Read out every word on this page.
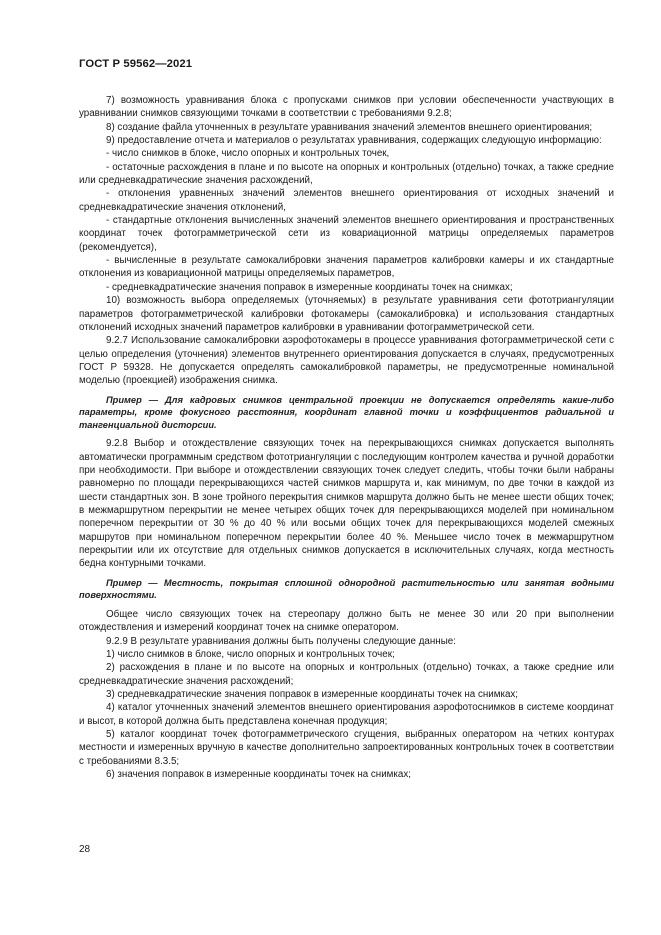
ГОСТ Р 59562—2021

7) возможность уравнивания блока с пропусками снимков при условии обеспеченности участвующих в уравнивании снимков связующими точками в соответствии с требованиями 9.2.8;

8) создание файла уточненных в результате уравнивания значений элементов внешнего ориентирования;

9) предоставление отчета и материалов о результатах уравнивания, содержащих следующую информацию:

- число снимков в блоке, число опорных и контрольных точек,

- остаточные расхождения в плане и по высоте на опорных и контрольных (отдельно) точках, а также средние или средневкадратические значения расхождений,

- отклонения уравненных значений элементов внешнего ориентирования от исходных значений и средневкадратические значения отклонений,

- стандартные отклонения вычисленных значений элементов внешнего ориентирования и пространственных координат точек фотограмметрической сети из ковариационной матрицы определяемых параметров (рекомендуется),

- вычисленные в результате самокалибровки значения параметров калибровки камеры и их стандартные отклонения из ковариационной матрицы определяемых параметров,

- средневкадратические значения поправок в измеренные координаты точек на снимках;

10) возможность выбора определяемых (уточняемых) в результате уравнивания сети фототриангуляции параметров фотограмметрической калибровки фотокамеры (самокалибровка) и использования стандартных отклонений исходных значений параметров калибровки в уравнивании фотограмметрической сети.

9.2.7 Использование самокалибровки аэрофотокамеры в процессе уравнивания фотограмметрической сети с целью определения (уточнения) элементов внутреннего ориентирования допускается в случаях, предусмотренных ГОСТ Р 59328. Не допускается определять самокалибровкой параметры, не предусмотренные номинальной моделью (проекцией) изображения снимка.

Пример — Для кадровых снимков центральной проекции не допускается определять какие-либо параметры, кроме фокусного расстояния, координат главной точки и коэффициентов радиальной и тангенциальной дисторсии.

9.2.8 Выбор и отождествление связующих точек на перекрывающихся снимках допускается выполнять автоматически программным средством фототриангуляции с последующим контролем качества и ручной доработки при необходимости. При выборе и отождествлении связующих точек следует следить, чтобы точки были набраны равномерно по площади перекрывающихся частей снимков маршрута и, как минимум, по две точки в каждой из шести стандартных зон. В зоне тройного перекрытия снимков маршрута должно быть не менее шести общих точек; в межмаршрутном перекрытии не менее четырех общих точек для перекрывающихся моделей при номинальном поперечном перекрытии от 30 % до 40 % или восьми общих точек для перекрывающихся моделей смежных маршрутов при номинальном поперечном перекрытии более 40 %. Меньшее число точек в межмаршрутном перекрытии или их отсутствие для отдельных снимков допускается в исключительных случаях, когда местность бедна контурными точками.

Пример — Местность, покрытая сплошной однородной растительностью или занятая водными поверхностями.

Общее число связующих точек на стереопару должно быть не менее 30 или 20 при выполнении отождествления и измерений координат точек на снимке оператором.

9.2.9 В результате уравнивания должны быть получены следующие данные:

1) число снимков в блоке, число опорных и контрольных точек;

2) расхождения в плане и по высоте на опорных и контрольных (отдельно) точках, а также средние или средневкадратические значения расхождений;

3) средневкадратические значения поправок в измеренные координаты точек на снимках;

4) каталог уточненных значений элементов внешнего ориентирования аэрофотоснимков в системе координат и высот, в которой должна быть представлена конечная продукция;

5) каталог координат точек фотограмметрического сгущения, выбранных оператором на четких контурах местности и измеренных вручную в качестве дополнительно запроектированных контрольных точек в соответствии с требованиями 8.3.5;

6) значения поправок в измеренные координаты точек на снимках;

28
